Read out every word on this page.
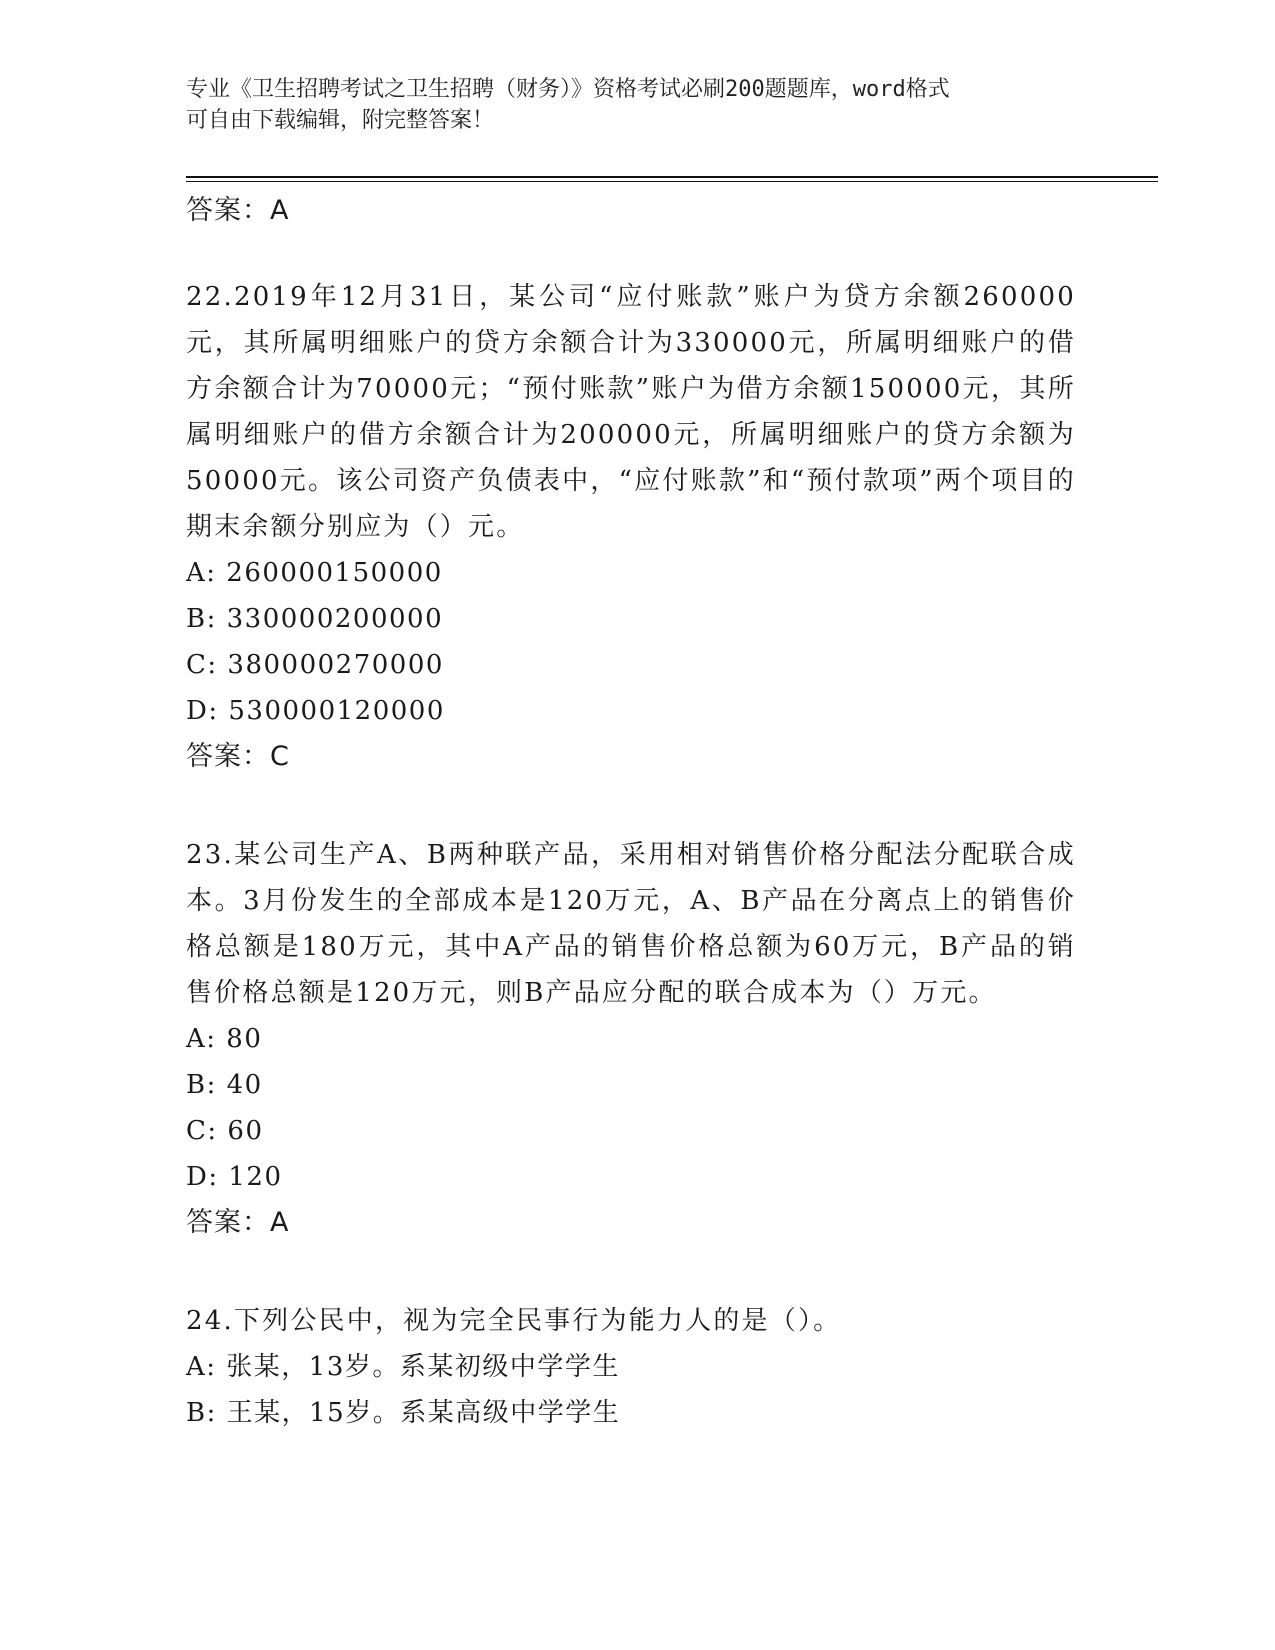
专业《卫生招聘考试之卫生招聘（财务）》资格考试必刷200题题库，word格式
可自由下载编辑，附完整答案！
答案：A
22.2019年12月31日，某公司“应付账款”账户为贷方余额260000元，其所属明细账户的贷方余额合计为330000元，所属明细账户的借方余额合计为70000元；“预付账款”账户为借方余额150000元，其所属明细账户的借方余额合计为200000元，所属明细账户的贷方余额为50000元。该公司资产负债表中，“应付账款”和“预付款项”两个项目的期末余额分别应为（）元。
A: 260000150000
B: 330000200000
C: 380000270000
D: 530000120000
答案：C
23.某公司生产A、B两种联产品，采用相对销售价格分配法分配联合成本。3月份发生的全部成本是120万元，A、B产品在分离点上的销售价格总额是180万元，其中A产品的销售价格总额为60万元，B产品的销售价格总额是120万元，则B产品应分配的联合成本为（）万元。
A: 80
B: 40
C: 60
D: 120
答案：A
24.下列公民中，视为完全民事行为能力人的是（）。
A: 张某，13岁。系某初级中学学生
B: 王某，15岁。系某高级中学学生
